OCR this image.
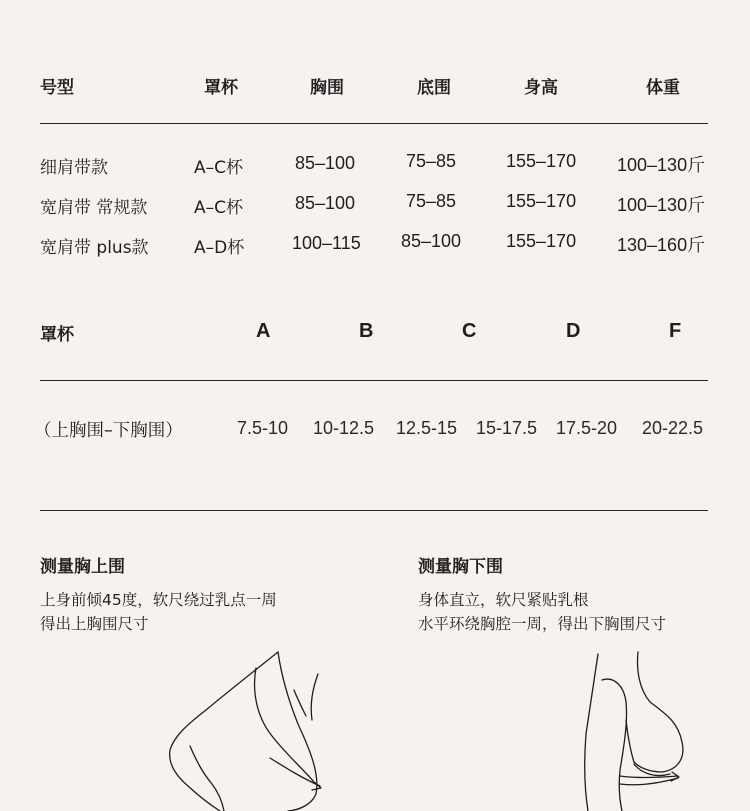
号型	罩杯	胸围	底围	身高	体重
细肩带款	A–C杯	85–100	75–85	155–170 100–130斤
宽肩带 常规款	A–C杯	85–100	75–85	155–170 100–130斤
宽肩带 plus款	A–D杯	100–115 85–100 155–170 130–160斤
罩杯	A	B	C	D	F
（上胸围–下胸围）	7.5-10 10-12.5 12.5-15 15-17.5 17.5-20 20-22.5
测量胸上围
上身前倾45度，软尺绕过乳点一周
得出上胸围尺寸
测量胸下围
身体直立，软尺紧贴乳根
水平环绕胸腔一周，得出下胸围尺寸
